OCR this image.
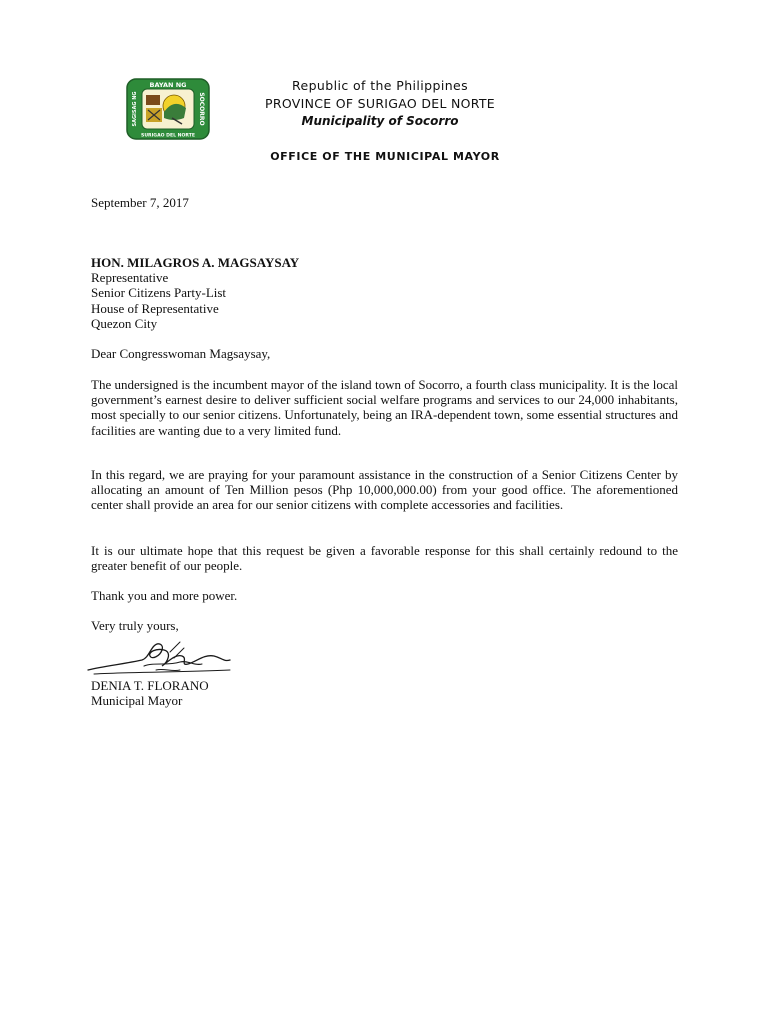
BAYAN NG
SURIGAO DEL NORTE
SAGISAG NG	SOCORRO
Republic of the Philippines
PROVINCE OF SURIGAO DEL NORTE
Municipality of Socorro
OFFICE OF THE MUNICIPAL MAYOR
September 7, 2017
HON. MILAGROS A. MAGSAYSAY
Representative
Senior Citizens Party-List
House of Representative
Quezon City
Dear Congresswoman Magsaysay,
The undersigned is the incumbent mayor of the island town of Socorro, a fourth class municipality. It is the local government’s earnest desire to deliver sufficient social welfare programs and services to our 24,000 inhabitants, most specially to our senior citizens. Unfortunately, being an IRA-dependent town, some essential structures and facilities are wanting due to a very limited fund.
In this regard, we are praying for your paramount assistance in the construction of a Senior Citizens Center by allocating an amount of Ten Million pesos (Php 10,000,000.00) from your good office. The aforementioned center shall provide an area for our senior citizens with complete accessories and facilities.
It is our ultimate hope that this request be given a favorable response for this shall certainly redound to the greater benefit of our people.
Thank you and more power.
Very truly yours,
DENIA T. FLORANO
Municipal Mayor
